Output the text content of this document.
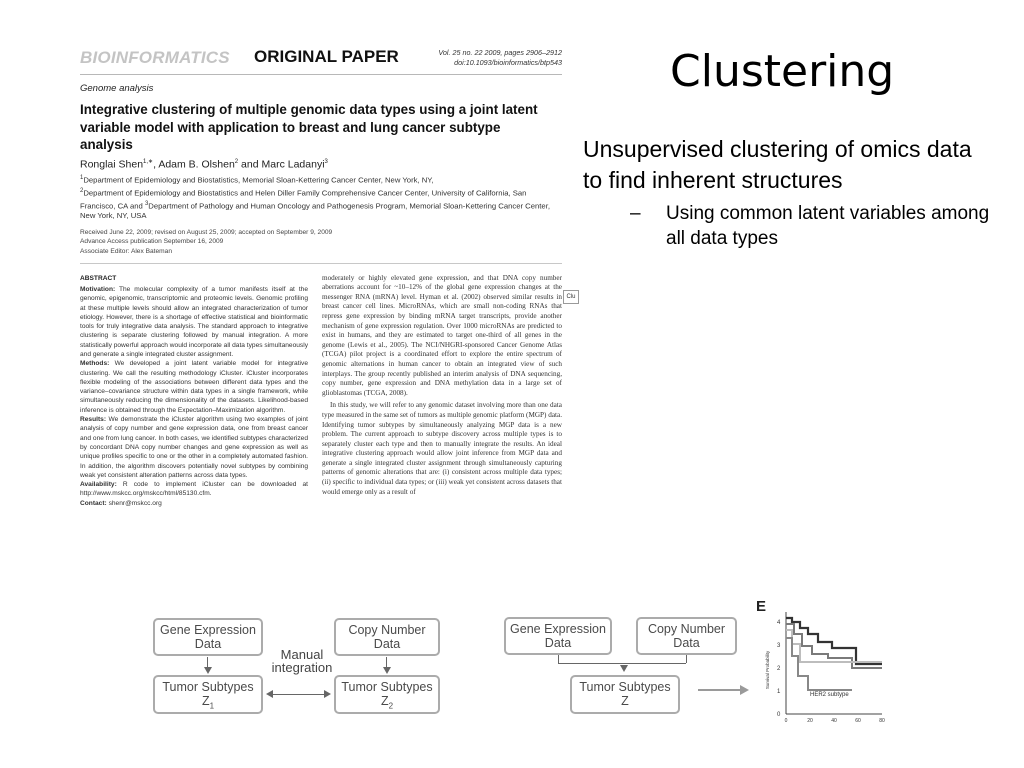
BIOINFORMATICS ORIGINAL PAPER	Vol. 25 no. 22 2009, pages 2906–2912
doi:10.1093/bioinformatics/btp543
Genome analysis
Integrative clustering of multiple genomic data types using a joint latent variable model with application to breast and lung cancer subtype analysis
Ronglai Shen$^{1,∗}$, Adam B. Olshen$^2$ and Marc Ladanyi$^3$
$^1$Department of Epidemiology and Biostatistics, Memorial Sloan-Kettering Cancer Center, New York, NY,
$^2$Department of Epidemiology and Biostatistics and Helen Diller Family Comprehensive Cancer Center, University of California, San Francisco, CA and $^3$Department of Pathology and Human Oncology and Pathogenesis Program, Memorial Sloan-Kettering Cancer Center, New York, NY, USA
Received June 22, 2009; revised on August 25, 2009; accepted on September 9, 2009
Advance Access publication September 16, 2009
Associate Editor: Alex Bateman
ABSTRACT

Motivation: The molecular complexity of a tumor manifests itself at the genomic, epigenomic, transcriptomic and proteomic levels. Genomic profiling at these multiple levels should allow an integrated characterization of tumor etiology. However, there is a shortage of effective statistical and bioinformatic tools for truly integrative data analysis. The standard approach to integrative clustering is separate clustering followed by manual integration. A more statistically powerful approach would incorporate all data types simultaneously and generate a single integrated cluster assignment.

Methods: We developed a joint latent variable model for integrative clustering. We call the resulting methodology iCluster. iCluster incorporates flexible modeling of the associations between different data types and the variance–covariance structure within data types in a single framework, while simultaneously reducing the dimensionality of the datasets. Likelihood-based inference is obtained through the Expectation–Maximization algorithm.

Results: We demonstrate the iCluster algorithm using two examples of joint analysis of copy number and gene expression data, one from breast cancer and one from lung cancer. In both cases, we identified subtypes characterized by concordant DNA copy number changes and gene expression as well as unique profiles specific to one or the other in a completely automated fashion. In addition, the algorithm discovers potentially novel subtypes by combining weak yet consistent alteration patterns across data types.

Availability: R code to implement iCluster can be downloaded at http://www.mskcc.org/mskcc/html/85130.cfm.

Contact: shenr@mskcc.org

moderately or highly elevated gene expression, and that DNA copy number aberrations account for ~10–12% of the global gene expression changes at the messenger RNA (mRNA) level. Hyman et al. (2002) observed similar results in breast cancer cell lines. MicroRNAs, which are small non-coding RNAs that repress gene expression by binding mRNA target transcripts, provide another mechanism of gene expression regulation. Over 1000 microRNAs are predicted to exist in humans, and they are estimated to target one-third of all genes in the genome (Lewis et al., 2005). The NCI/NHGRI-sponsored Cancer Genome Atlas (TCGA) pilot project is a coordinated effort to explore the entire spectrum of genomic alternations in human cancer to obtain an integrated view of such interplays. The group recently published an interim analysis of DNA sequencing, copy number, gene expression and DNA methylation data in a large set of glioblastomas (TCGA, 2008).

In this study, we will refer to any genomic dataset involving more than one data type measured in the same set of tumors as multiple genomic platform (MGP) data. Identifying tumor subtypes by simultaneously analyzing MGP data is a new problem. The current approach to subtype discovery across multiple types is to separately cluster each type and then to manually integrate the results. An ideal integrative clustering approach would allow joint inference from MGP data and generate a single integrated cluster assignment through simultaneously capturing patterns of genomic alterations that are: (i) consistent across multiple data types; (ii) specific to individual data types; or (iii) weak yet consistent across datasets that would emerge only as a result of

Clu
Clustering
Unsupervised clustering of omics data to find inherent structures
– Using common latent variables among all data types
Gene Expression
Data
Copy Number
Data
Tumor Subtypes
$Z_1$
Tumor Subtypes
$Z_2$
Manual
integration
Gene Expression
Data
Copy Number
Data
Tumor Subtypes
Z
E
0
1
2
3
4
Survival Probability
0	20	40	60	80
HER2 subtype
